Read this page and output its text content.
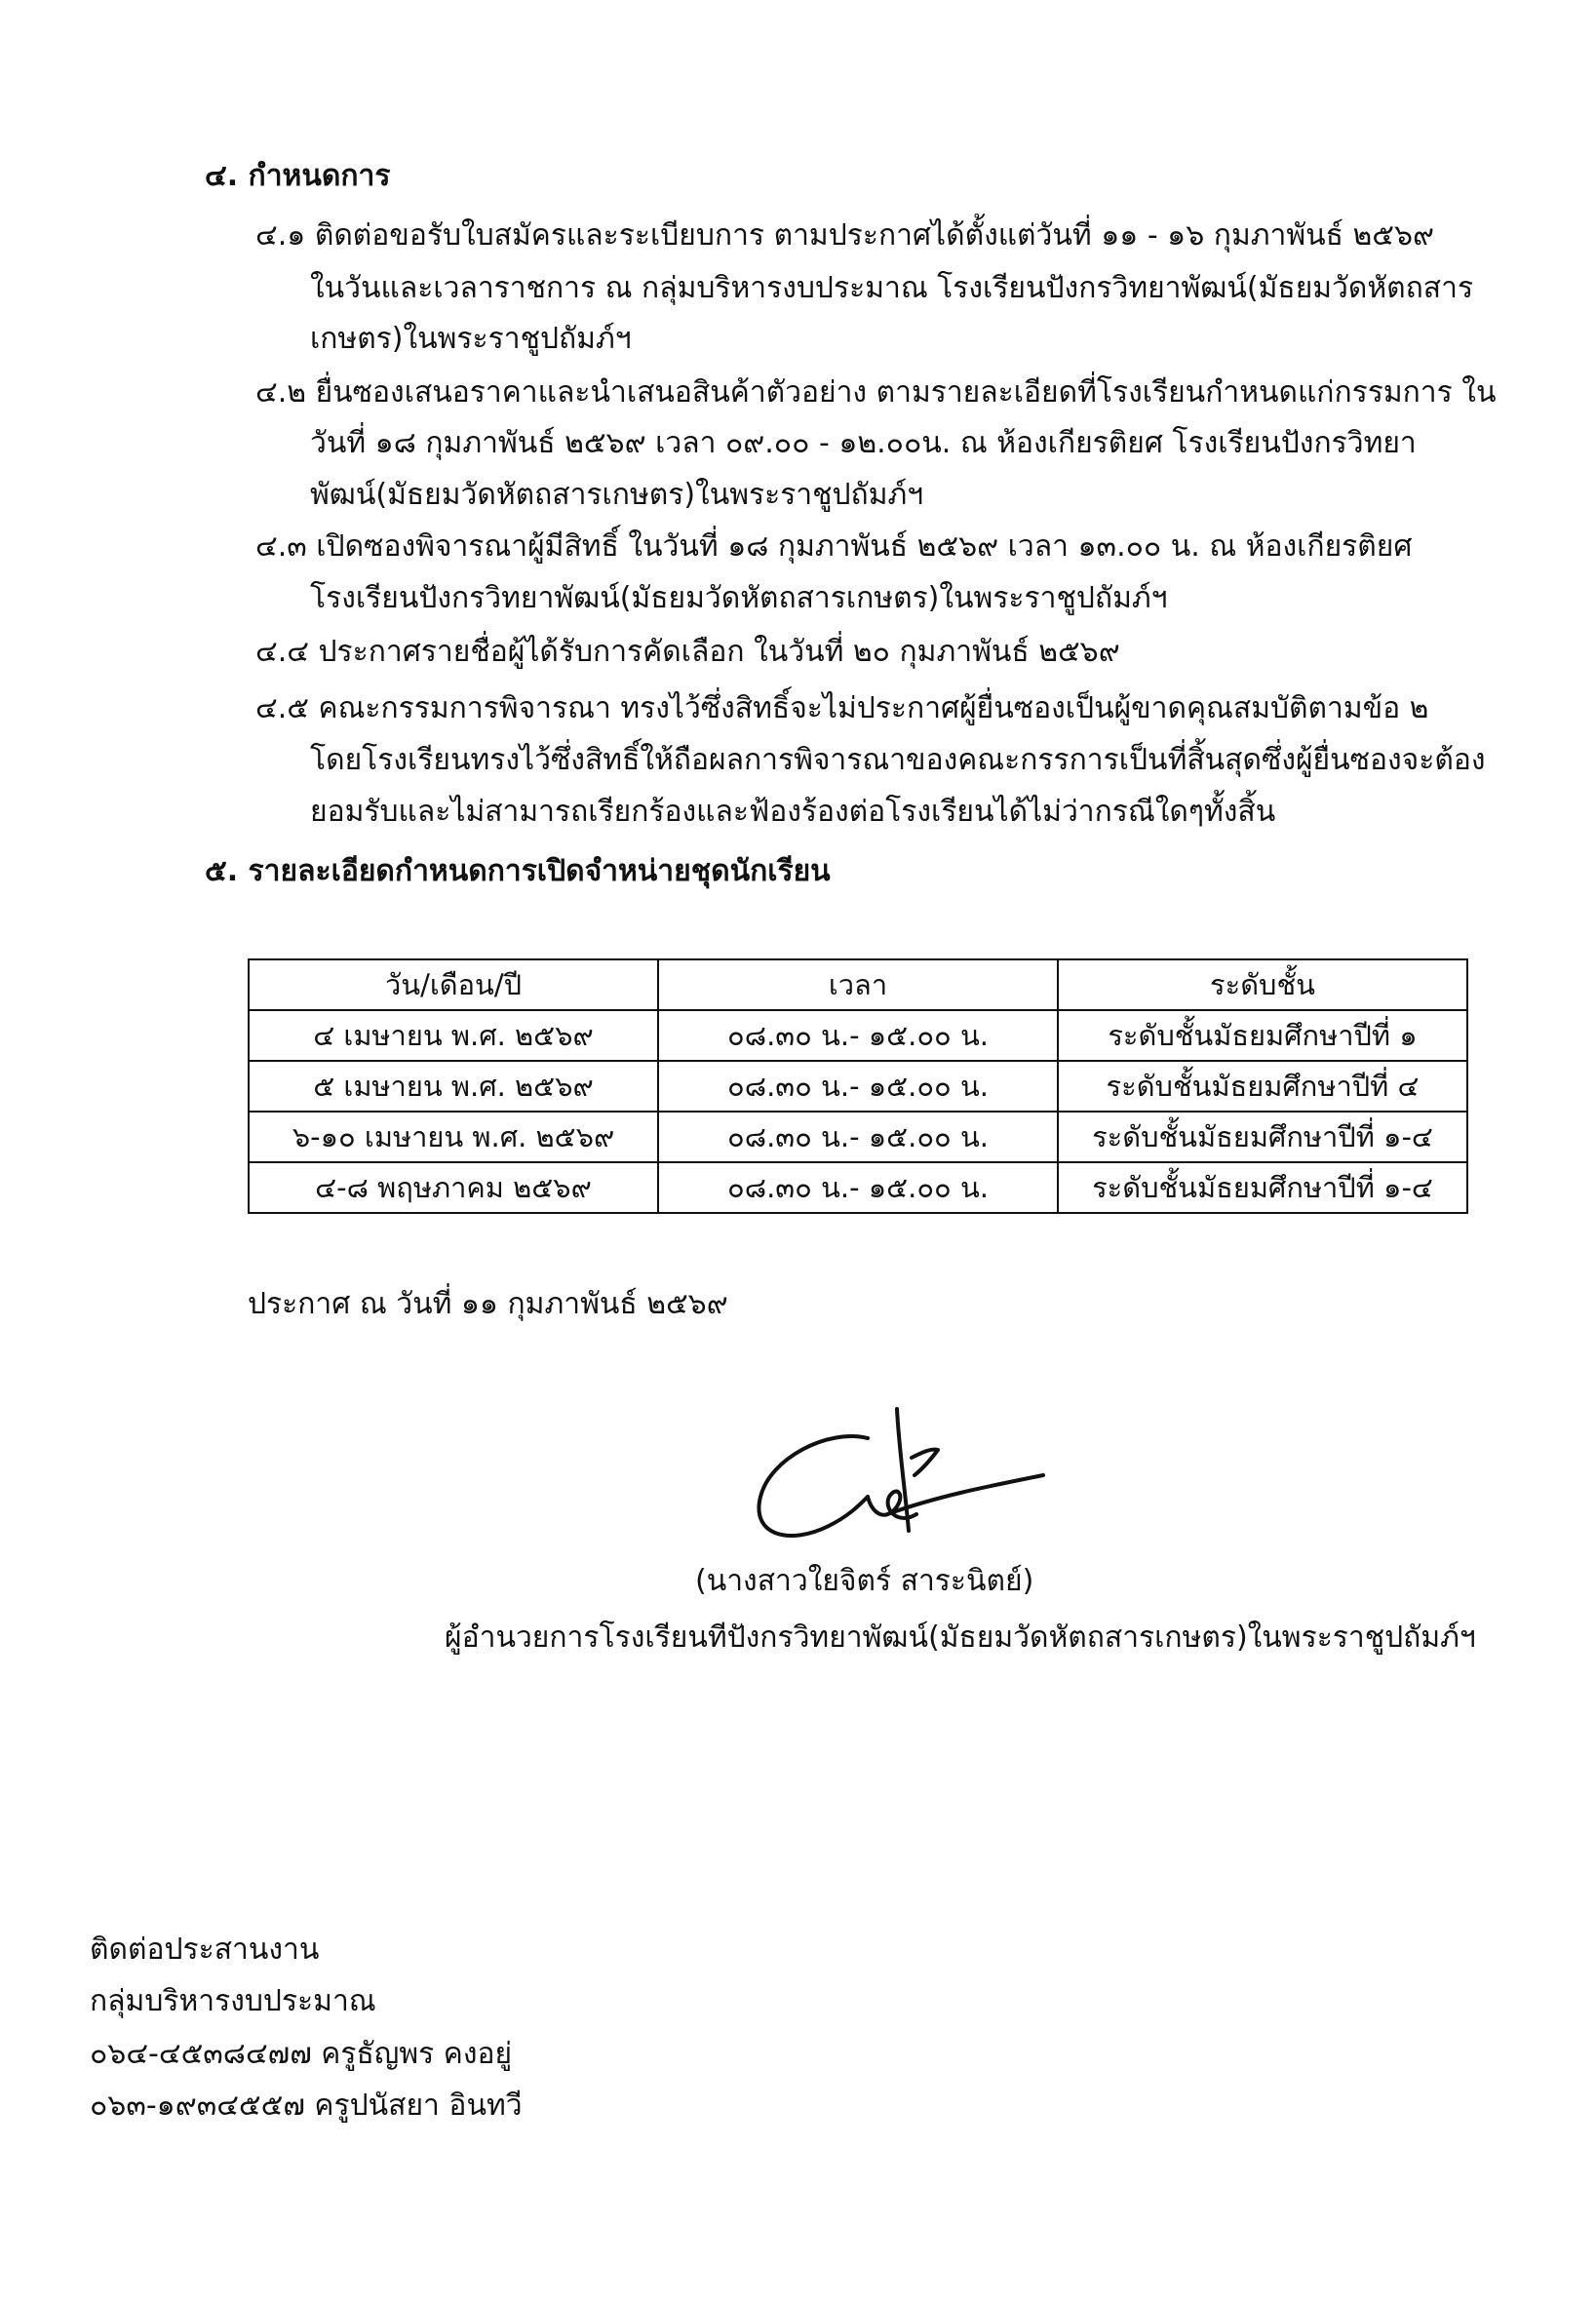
๔. กำหนดการ
๔.๑ ติดต่อขอรับใบสมัครและระเบียบการ ตามประกาศได้ตั้งแต่วันที่ ๑๑ - ๑๖ กุมภาพันธ์ ๒๕๖๙
ในวันและเวลาราชการ ณ กลุ่มบริหารงบประมาณ โรงเรียนปังกรวิทยาพัฒน์(มัธยมวัดหัตถสาร
เกษตร)ในพระราชูปถัมภ์ฯ
๔.๒ ยื่นซองเสนอราคาและนำเสนอสินค้าตัวอย่าง ตามรายละเอียดที่โรงเรียนกำหนดแก่กรรมการ ใน
วันที่ ๑๘ กุมภาพันธ์ ๒๕๖๙ เวลา ๐๙.๐๐ - ๑๒.๐๐น. ณ ห้องเกียรติยศ โรงเรียนปังกรวิทยา
พัฒน์(มัธยมวัดหัตถสารเกษตร)ในพระราชูปถัมภ์ฯ
๔.๓ เปิดซองพิจารณาผู้มีสิทธิ์ ในวันที่ ๑๘ กุมภาพันธ์ ๒๕๖๙ เวลา ๑๓.๐๐ น. ณ ห้องเกียรติยศ
โรงเรียนปังกรวิทยาพัฒน์(มัธยมวัดหัตถสารเกษตร)ในพระราชูปถัมภ์ฯ
๔.๔ ประกาศรายชื่อผู้ได้รับการคัดเลือก ในวันที่ ๒๐ กุมภาพันธ์ ๒๕๖๙
๔.๕ คณะกรรมการพิจารณา ทรงไว้ซึ่งสิทธิ์จะไม่ประกาศผู้ยื่นซองเป็นผู้ขาดคุณสมบัติตามข้อ ๒
โดยโรงเรียนทรงไว้ซึ่งสิทธิ์ให้ถือผลการพิจารณาของคณะกรรการเป็นที่สิ้นสุดซึ่งผู้ยื่นซองจะต้อง
ยอมรับและไม่สามารถเรียกร้องและฟ้องร้องต่อโรงเรียนได้ไม่ว่ากรณีใดๆทั้งสิ้น
๕. รายละเอียดกำหนดการเปิดจำหน่ายชุดนักเรียน
วัน/เดือน/ปี	เวลา	ระดับชั้น
๔ เมษายน พ.ศ. ๒๕๖๙	๐๘.๓๐ น.- ๑๕.๐๐ น.	ระดับชั้นมัธยมศึกษาปีที่ ๑
๕ เมษายน พ.ศ. ๒๕๖๙	๐๘.๓๐ น.- ๑๕.๐๐ น.	ระดับชั้นมัธยมศึกษาปีที่ ๔
๖-๑๐ เมษายน พ.ศ. ๒๕๖๙	๐๘.๓๐ น.- ๑๕.๐๐ น.	ระดับชั้นมัธยมศึกษาปีที่ ๑-๔
๔-๘ พฤษภาคม ๒๕๖๙	๐๘.๓๐ น.- ๑๕.๐๐ น.	ระดับชั้นมัธยมศึกษาปีที่ ๑-๔
ประกาศ ณ วันที่ ๑๑ กุมภาพันธ์ ๒๕๖๙
(นางสาวใยจิตร์ สาระนิตย์)
ผู้อำนวยการโรงเรียนทีปังกรวิทยาพัฒน์(มัธยมวัดหัตถสารเกษตร)ในพระราชูปถัมภ์ฯ
ติดต่อประสานงาน
กลุ่มบริหารงบประมาณ
๐๖๔-๔๕๓๘๔๗๗ ครูธัญพร คงอยู่
๐๖๓-๑๙๓๔๕๕๗ ครูปนัสยา อินทวี
